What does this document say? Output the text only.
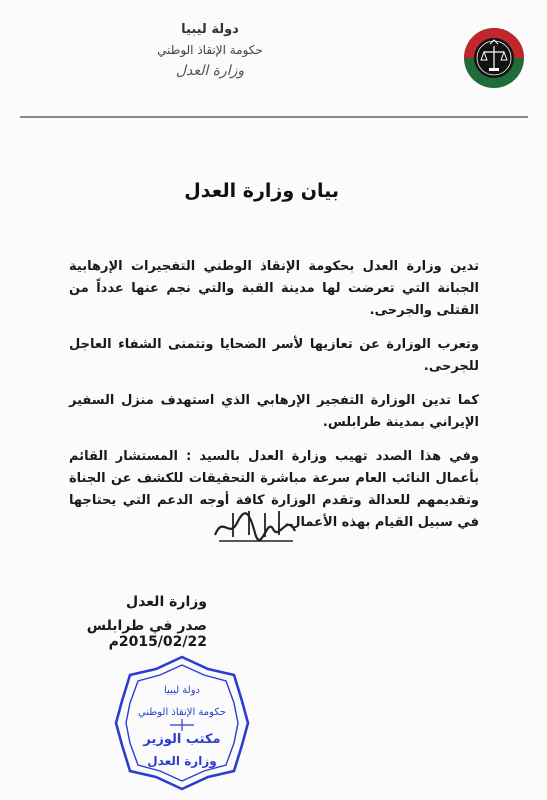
دولة ليبيا
حكومة الإنقاذ الوطني
وزارة العدل
بيان وزارة العدل

تدين وزارة العدل بحكومة الإنقاذ الوطني التفجيرات الإرهابية الجبانة التي تعرضت لها مدينة القبة والتي نجم عنها عدداً من القتلى والجرحى.

وتعرب الوزارة عن تعازيها لأسر الضحايا وتتمنى الشفاء العاجل للجرحى.

كما تدين الوزارة التفجير الإرهابي الذي استهدف منزل السفير الإيراني بمدينة طرابلس.

وفي هذا الصدد تهيب وزارة العدل بالسيد : المستشار القائم بأعمال النائب العام سرعة مباشرة التحقيقات للكشف عن الجناة وتقديمهم للعدالة وتقدم الوزارة كافة أوجه الدعم التي يحتاجها في سبيل القيام بهذه الأعمال.

وزارة العدل
صدر في طرابلس 2015/02/22م
دولة ليبيا
حكومة الإنقاذ الوطني
مكتب الوزير
وزارة العدل
